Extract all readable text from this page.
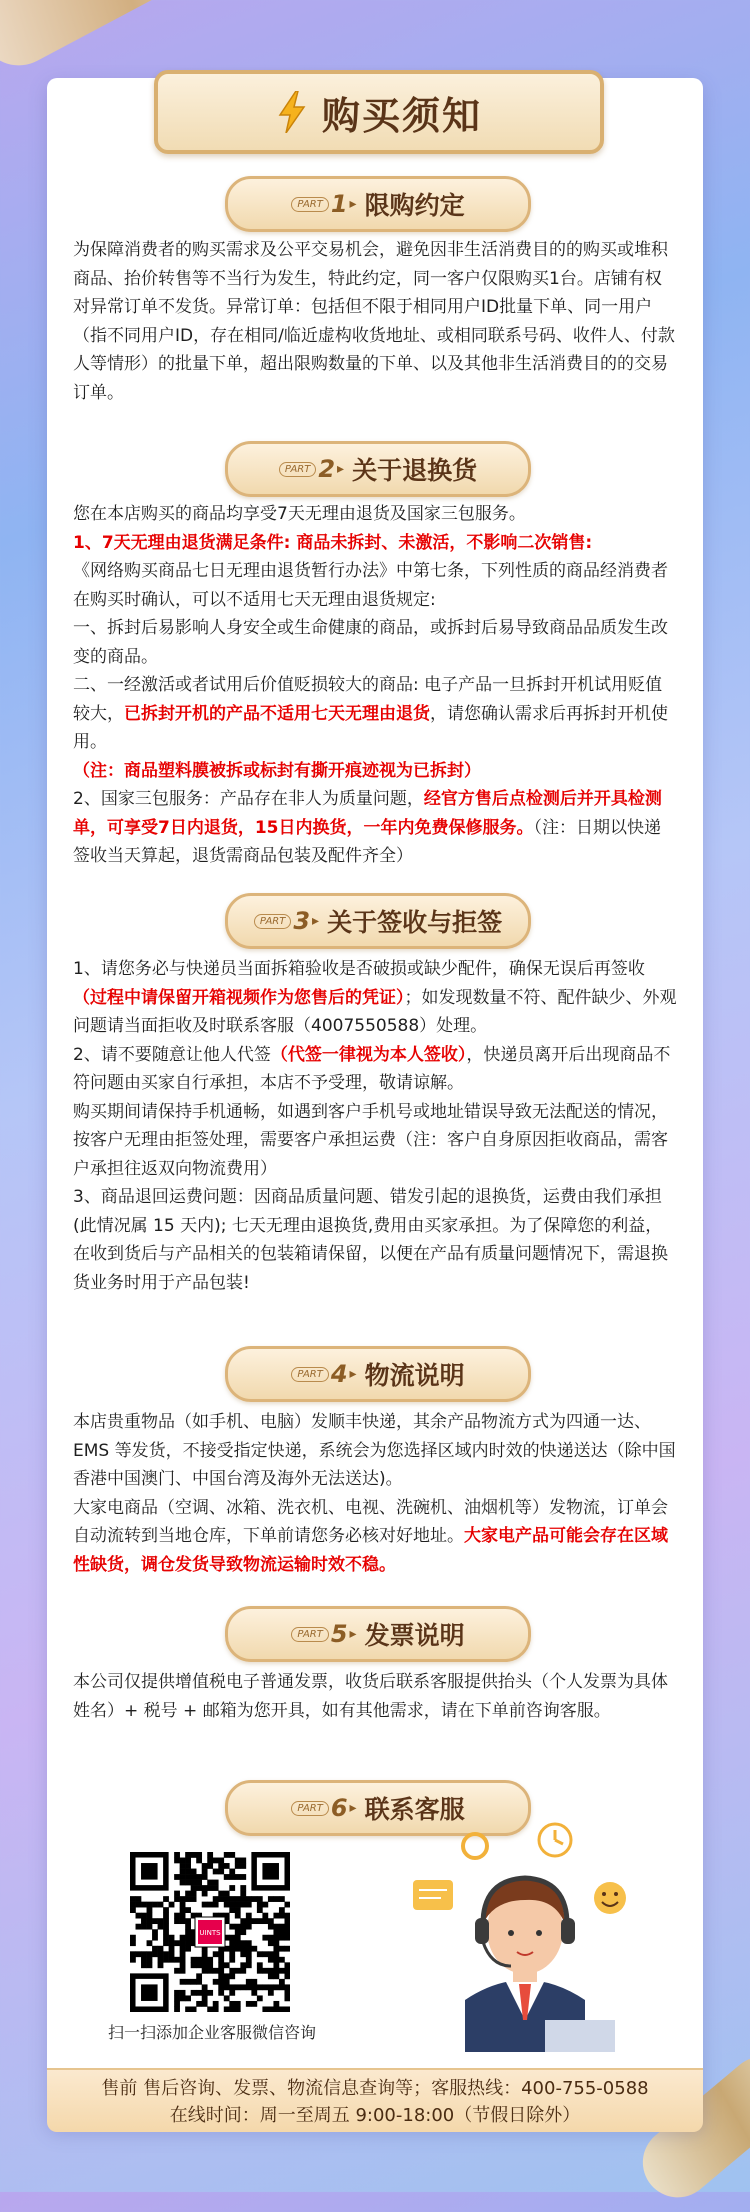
购买须知
PART 1 ▸ 限购约定

为保障消费者的购买需求及公平交易机会，避免因非生活消费目的的购买或堆积商品、抬价转售等不当行为发生，特此约定，同一客户仅限购买1台。店铺有权对异常订单不发货。异常订单：包括但不限于相同用户ID批量下单、同一用户（指不同用户ID，存在相同/临近虚构收货地址、或相同联系号码、收件人、付款人等情形）的批量下单，超出限购数量的下单、以及其他非生活消费目的的交易订单。

PART 2 ▸ 关于退换货

您在本店购买的商品均享受7天无理由退货及国家三包服务。

1、7天无理由退货满足条件: 商品未拆封、未激活，不影响二次销售:

《网络购买商品七日无理由退货暂行办法》中第七条，下列性质的商品经消费者在购买时确认，可以不适用七天无理由退货规定:

一、拆封后易影响人身安全或生命健康的商品，或拆封后易导致商品品质发生改变的商品。

二、一经激活或者试用后价值贬损较大的商品: 电子产品一旦拆封开机试用贬值较大，已拆封开机的产品不适用七天无理由退货，请您确认需求后再拆封开机使用。

（注：商品塑料膜被拆或标封有撕开痕迹视为已拆封）

2、国家三包服务：产品存在非人为质量问题，经官方售后点检测后并开具检测单，可享受7日内退货，15日内换货，一年内免费保修服务。（注：日期以快递签收当天算起，退货需商品包装及配件齐全）

PART 3 ▸ 关于签收与拒签

1、请您务必与快递员当面拆箱验收是否破损或缺少配件，确保无误后再签收（过程中请保留开箱视频作为您售后的凭证）；如发现数量不符、配件缺少、外观问题请当面拒收及时联系客服（4007550588）处理。

2、请不要随意让他人代签（代签一律视为本人签收），快递员离开后出现商品不符问题由买家自行承担，本店不予受理，敬请谅解。

购买期间请保持手机通畅，如遇到客户手机号或地址错误导致无法配送的情况，按客户无理由拒签处理，需要客户承担运费（注：客户自身原因拒收商品，需客户承担往返双向物流费用）

3、商品退回运费问题：因商品质量问题、错发引起的退换货，运费由我们承担(此情况属 15 天内); 七天无理由退换货,费用由买家承担。为了保障您的利益，在收到货后与产品相关的包装箱请保留，以便在产品有质量问题情况下，需退换货业务时用于产品包装!

PART 4 ▸ 物流说明

本店贵重物品（如手机、电脑）发顺丰快递，其余产品物流方式为四通一达、EMS 等发货，不接受指定快递，系统会为您选择区域内时效的快递送达（除中国香港中国澳门、中国台湾及海外无法送达)。

大家电商品（空调、冰箱、洗衣机、电视、洗碗机、油烟机等）发物流，订单会自动流转到当地仓库，下单前请您务必核对好地址。大家电产品可能会存在区域性缺货，调仓发货导致物流运输时效不稳。

PART 5 ▸ 发票说明

本公司仅提供增值税电子普通发票，收货后联系客服提供抬头（个人发票为具体姓名）+ 税号 + 邮箱为您开具，如有其他需求，请在下单前咨询客服。

PART 6 ▸ 联系客服
UINTS
扫一扫添加企业客服微信咨询
售前 售后咨询、发票、物流信息查询等；客服热线：400-755-0588
在线时间：周一至周五 9:00-18:00（节假日除外）
